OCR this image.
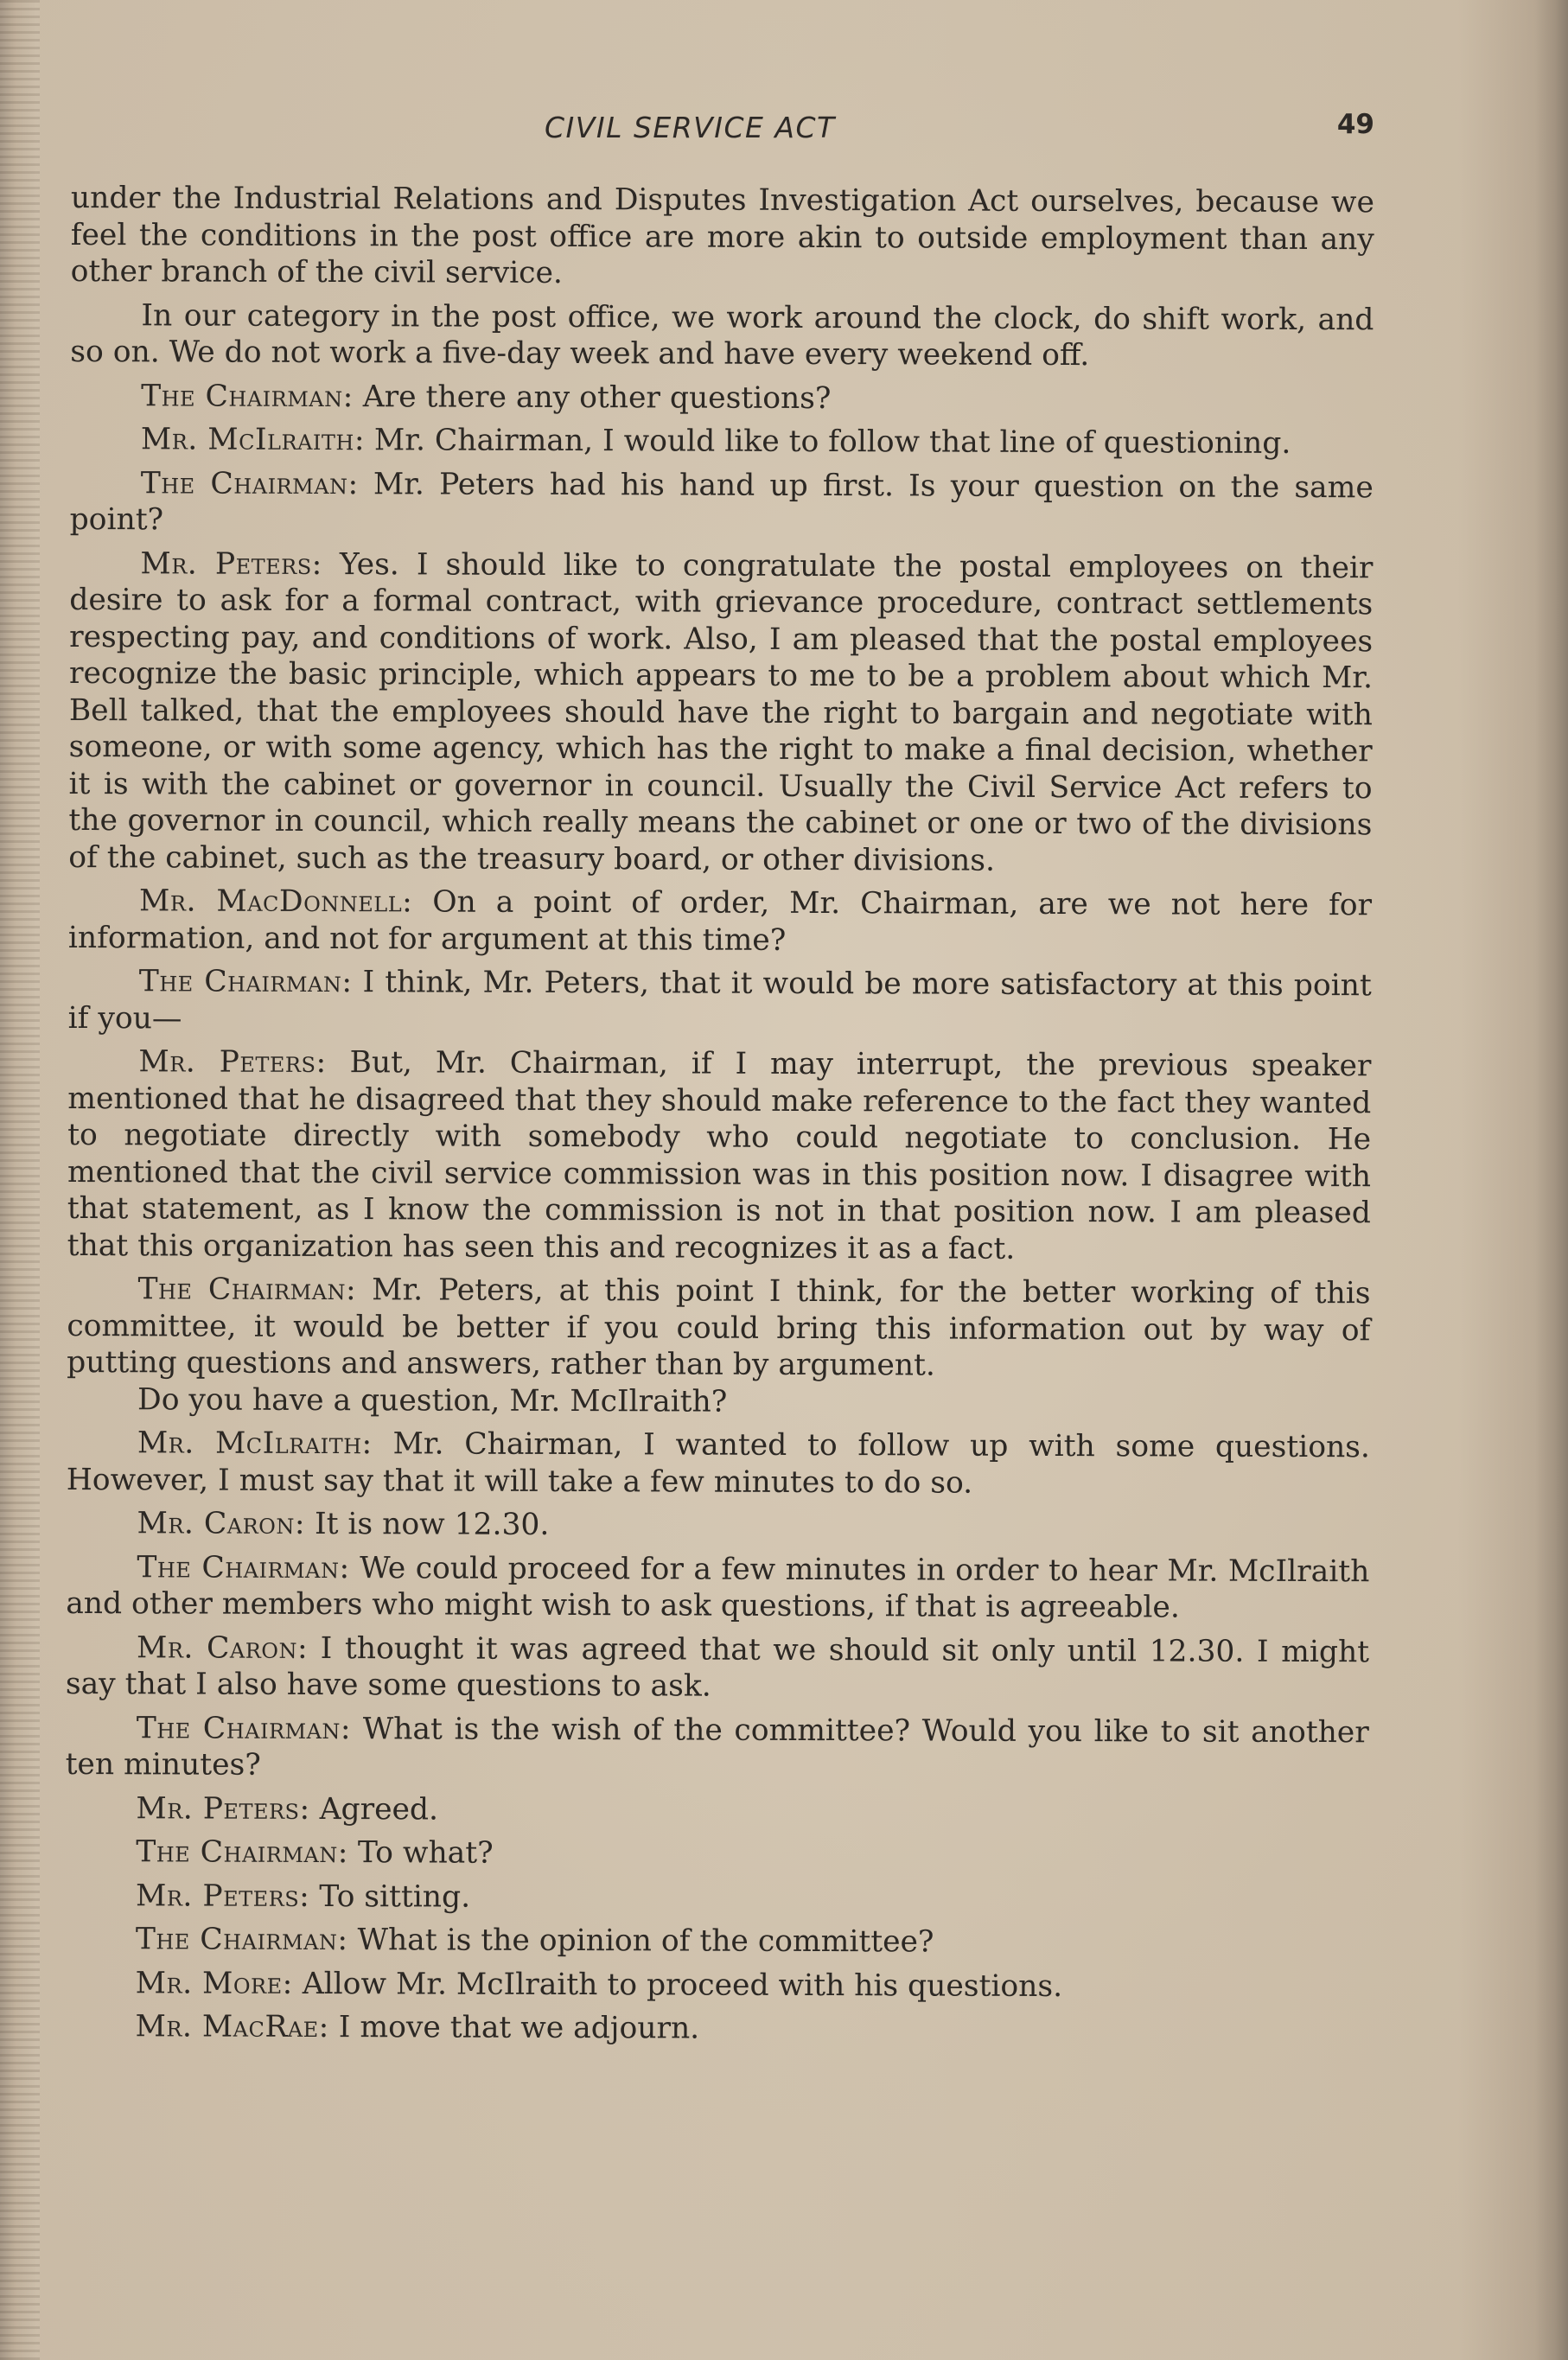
CIVIL SERVICE ACT	49

under the Industrial Relations and Disputes Investigation Act ourselves, because we feel the conditions in the post office are more akin to outside employment than any other branch of the civil service.

In our category in the post office, we work around the clock, do shift work, and so on. We do not work a five-day week and have every weekend off.

The Chairman: Are there any other questions?

Mr. McIlraith: Mr. Chairman, I would like to follow that line of questioning.

The Chairman: Mr. Peters had his hand up first. Is your question on the same point?

Mr. Peters: Yes. I should like to congratulate the postal employees on their desire to ask for a formal contract, with grievance procedure, contract settlements respecting pay, and conditions of work. Also, I am pleased that the postal employees recognize the basic principle, which appears to me to be a problem about which Mr. Bell talked, that the employees should have the right to bargain and negotiate with someone, or with some agency, which has the right to make a final decision, whether it is with the cabinet or governor in council. Usually the Civil Service Act refers to the governor in council, which really means the cabinet or one or two of the divisions of the cabinet, such as the treasury board, or other divisions.

Mr. MacDonnell: On a point of order, Mr. Chairman, are we not here for information, and not for argument at this time?

The Chairman: I think, Mr. Peters, that it would be more satisfactory at this point if you—

Mr. Peters: But, Mr. Chairman, if I may interrupt, the previous speaker mentioned that he disagreed that they should make reference to the fact they wanted to negotiate directly with somebody who could negotiate to conclusion. He mentioned that the civil service commission was in this position now. I disagree with that statement, as I know the commission is not in that position now. I am pleased that this organization has seen this and recognizes it as a fact.

The Chairman: Mr. Peters, at this point I think, for the better working of this committee, it would be better if you could bring this information out by way of putting questions and answers, rather than by argument.

Do you have a question, Mr. McIlraith?

Mr. McIlraith: Mr. Chairman, I wanted to follow up with some questions. However, I must say that it will take a few minutes to do so.

Mr. Caron: It is now 12.30.

The Chairman: We could proceed for a few minutes in order to hear Mr. McIlraith and other members who might wish to ask questions, if that is agreeable.

Mr. Caron: I thought it was agreed that we should sit only until 12.30. I might say that I also have some questions to ask.

The Chairman: What is the wish of the committee? Would you like to sit another ten minutes?

Mr. Peters: Agreed.

The Chairman: To what?

Mr. Peters: To sitting.

The Chairman: What is the opinion of the committee?

Mr. More: Allow Mr. McIlraith to proceed with his questions.

Mr. MacRae: I move that we adjourn.
